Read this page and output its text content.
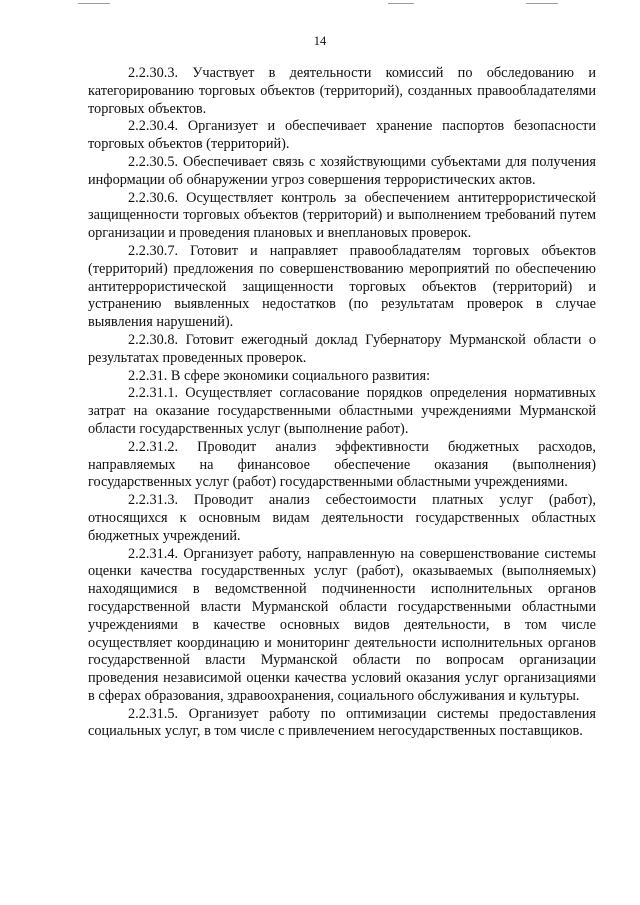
14

2.2.30.3. Участвует в деятельности комиссий по обследованию и категорированию торговых объектов (территорий), созданных правообладателями торговых объектов.

2.2.30.4. Организует и обеспечивает хранение паспортов безопасности торговых объектов (территорий).

2.2.30.5. Обеспечивает связь с хозяйствующими субъектами для получения информации об обнаружении угроз совершения террористических актов.

2.2.30.6. Осуществляет контроль за обеспечением антитеррористической защищенности торговых объектов (территорий) и выполнением требований путем организации и проведения плановых и внеплановых проверок.

2.2.30.7. Готовит и направляет правообладателям торговых объектов (территорий) предложения по совершенствованию мероприятий по обеспечению антитеррористической защищенности торговых объектов (территорий) и устранению выявленных недостатков (по результатам проверок в случае выявления нарушений).

2.2.30.8. Готовит ежегодный доклад Губернатору Мурманской области о результатах проведенных проверок.

2.2.31. В сфере экономики социального развития:

2.2.31.1. Осуществляет согласование порядков определения нормативных затрат на оказание государственными областными учреждениями Мурманской области государственных услуг (выполнение работ).

2.2.31.2. Проводит анализ эффективности бюджетных расходов, направляемых на финансовое обеспечение оказания (выполнения) государственных услуг (работ) государственными областными учреждениями.

2.2.31.3. Проводит анализ себестоимости платных услуг (работ), относящихся к основным видам деятельности государственных областных бюджетных учреждений.

2.2.31.4. Организует работу, направленную на совершенствование системы оценки качества государственных услуг (работ), оказываемых (выполняемых) находящимися в ведомственной подчиненности исполнительных органов государственной власти Мурманской области государственными областными учреждениями в качестве основных видов деятельности, в том числе осуществляет координацию и мониторинг деятельности исполнительных органов государственной власти Мурманской области по вопросам организации проведения независимой оценки качества условий оказания услуг организациями в сферах образования, здравоохранения, социального обслуживания и культуры.

2.2.31.5. Организует работу по оптимизации системы предоставления социальных услуг, в том числе с привлечением негосударственных поставщиков.
